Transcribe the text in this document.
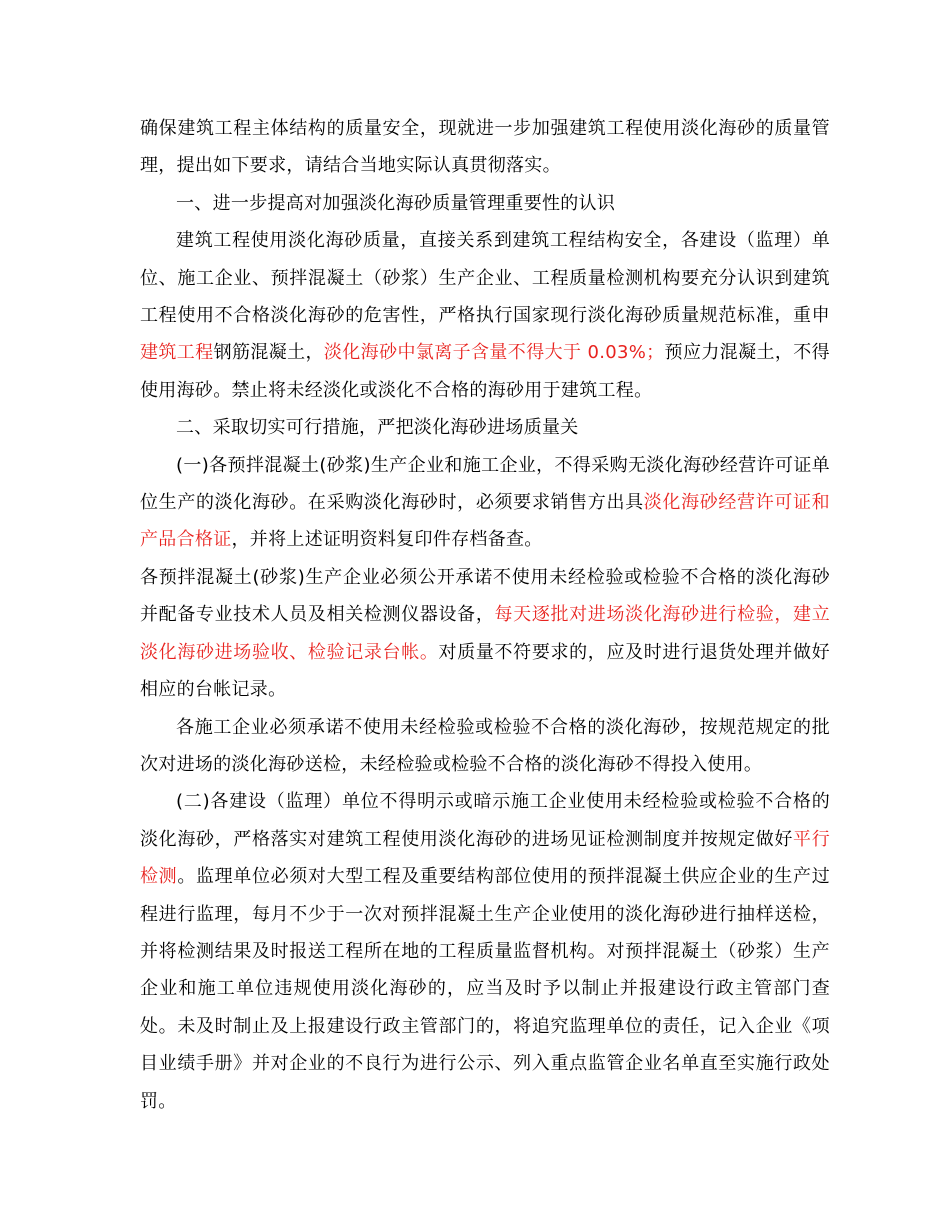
确保建筑工程主体结构的质量安全，现就进一步加强建筑工程使用淡化海砂的质量管理，提出如下要求，请结合当地实际认真贯彻落实。

一、进一步提高对加强淡化海砂质量管理重要性的认识

建筑工程使用淡化海砂质量，直接关系到建筑工程结构安全，各建设（监理）单位、施工企业、预拌混凝土（砂浆）生产企业、工程质量检测机构要充分认识到建筑工程使用不合格淡化海砂的危害性，严格执行国家现行淡化海砂质量规范标准，重申建筑工程钢筋混凝土，淡化海砂中氯离子含量不得大于 0.03%；预应力混凝土，不得使用海砂。禁止将未经淡化或淡化不合格的海砂用于建筑工程。

二、采取切实可行措施，严把淡化海砂进场质量关

(一)各预拌混凝土(砂浆)生产企业和施工企业，不得采购无淡化海砂经营许可证单位生产的淡化海砂。在采购淡化海砂时，必须要求销售方出具淡化海砂经营许可证和产品合格证，并将上述证明资料复印件存档备查。

各预拌混凝土(砂浆)生产企业必须公开承诺不使用未经检验或检验不合格的淡化海砂并配备专业技术人员及相关检测仪器设备，每天逐批对进场淡化海砂进行检验，建立淡化海砂进场验收、检验记录台帐。对质量不符要求的，应及时进行退货处理并做好相应的台帐记录。

各施工企业必须承诺不使用未经检验或检验不合格的淡化海砂，按规范规定的批次对进场的淡化海砂送检，未经检验或检验不合格的淡化海砂不得投入使用。

(二)各建设（监理）单位不得明示或暗示施工企业使用未经检验或检验不合格的淡化海砂，严格落实对建筑工程使用淡化海砂的进场见证检测制度并按规定做好平行检测。监理单位必须对大型工程及重要结构部位使用的预拌混凝土供应企业的生产过程进行监理，每月不少于一次对预拌混凝土生产企业使用的淡化海砂进行抽样送检，并将检测结果及时报送工程所在地的工程质量监督机构。对预拌混凝土（砂浆）生产企业和施工单位违规使用淡化海砂的，应当及时予以制止并报建设行政主管部门查处。未及时制止及上报建设行政主管部门的，将追究监理单位的责任，记入企业《项目业绩手册》并对企业的不良行为进行公示、列入重点监管企业名单直至实施行政处罚。
